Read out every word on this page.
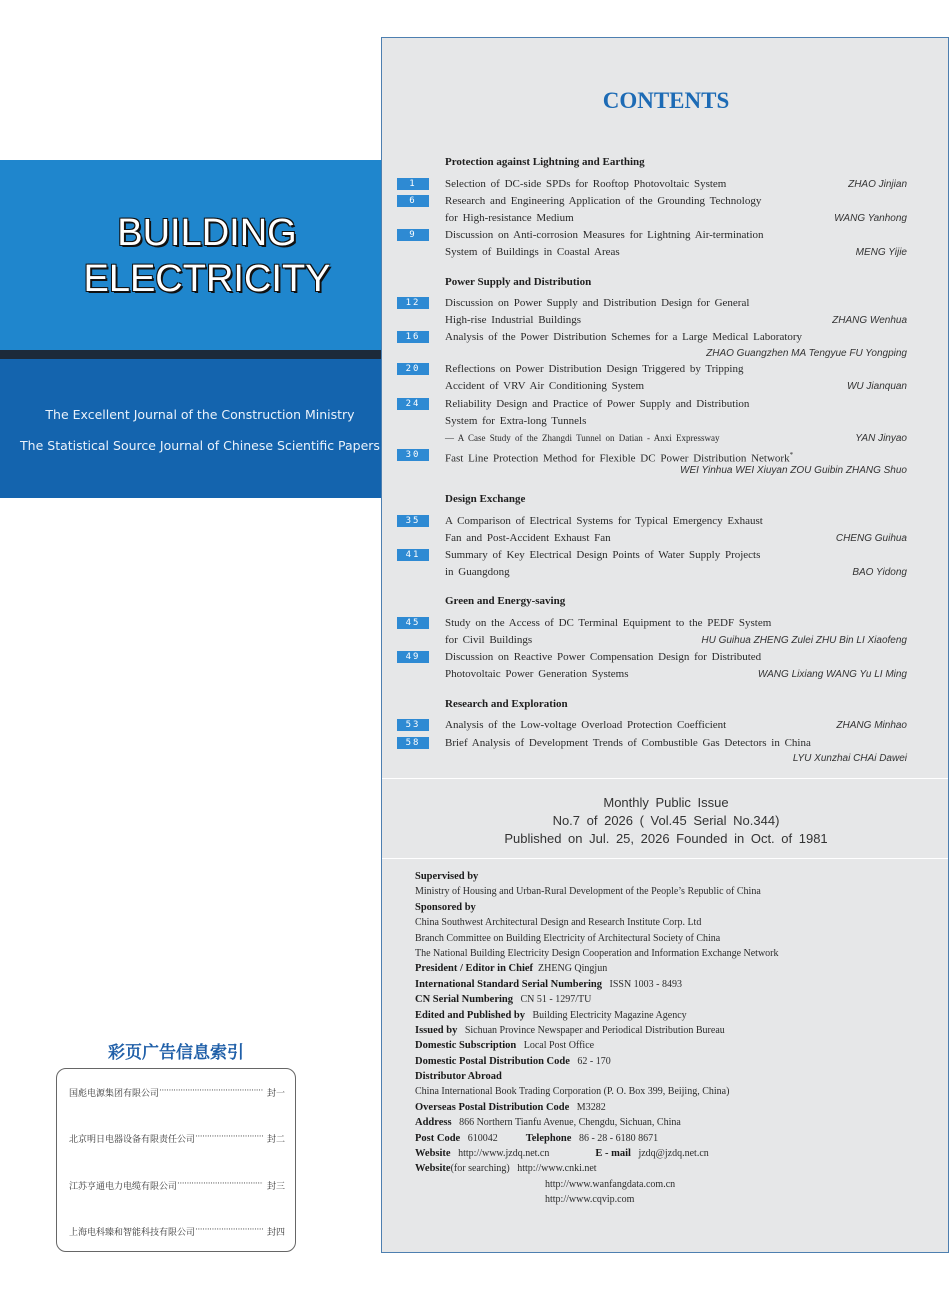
BUILDING
ELECTRICITY
The Excellent Journal of the Construction Ministry
The Statistical Source Journal of Chinese Scientific Papers
彩页广告信息索引
国彪电源集团有限公司 ·····	封一
北京明日电器设备有限责任公司 ·····	封二
江苏亨通电力电缆有限公司 ·····	封三
上海电科臻和智能科技有限公司 ·····	封四
CONTENTS
Protection against Lightning and Earthing
1	Selection of DC-side SPDs for Rooftop Photovoltaic System	ZHAO Jinjian
6	Research and Engineering Application of the Grounding Technology
for High-resistance Medium	WANG Yanhong
9	Discussion on Anti-corrosion Measures for Lightning Air-termination
System of Buildings in Coastal Areas	MENG Yijie
Power Supply and Distribution
12	Discussion on Power Supply and Distribution Design for General
High-rise Industrial Buildings	ZHANG Wenhua
16	Analysis of the Power Distribution Schemes for a Large Medical Laboratory
ZHAO Guangzhen MA Tengyue FU Yongping
20	Reflections on Power Distribution Design Triggered by Tripping
Accident of VRV Air Conditioning System	WU Jianquan
24	Reliability Design and Practice of Power Supply and Distribution
System for Extra-long Tunnels
— A Case Study of the Zhangdi Tunnel on Datian - Anxi Expressway	YAN Jinyao
30	Fast Line Protection Method for Flexible DC Power Distribution Network*
WEI Yinhua WEI Xiuyan ZOU Guibin ZHANG Shuo
Design Exchange
35	A Comparison of Electrical Systems for Typical Emergency Exhaust
Fan and Post-Accident Exhaust Fan	CHENG Guihua
41	Summary of Key Electrical Design Points of Water Supply Projects
in Guangdong	BAO Yidong
Green and Energy-saving
45	Study on the Access of DC Terminal Equipment to the PEDF System
for Civil Buildings	HU Guihua ZHENG Zulei ZHU Bin LI Xiaofeng
49	Discussion on Reactive Power Compensation Design for Distributed
Photovoltaic Power Generation Systems	WANG Lixiang WANG Yu LI Ming
Research and Exploration
53	Analysis of the Low-voltage Overload Protection Coefficient	ZHANG Minhao
58	Brief Analysis of Development Trends of Combustible Gas Detectors in China
LYU Xunzhai CHAi Dawei
Monthly Public Issue
No.7 of 2026 ( Vol.45 Serial No.344)
Published on Jul. 25, 2026 Founded in Oct. of 1981
Supervised by
Ministry of Housing and Urban-Rural Development of the People’s Republic of China
Sponsored by
China Southwest Architectural Design and Research Institute Corp. Ltd
Branch Committee on Building Electricity of Architectural Society of China
The National Building Electricity Design Cooperation and Information Exchange Network
President / Editor in Chief ZHENG Qingjun
International Standard Serial Numbering ISSN 1003 - 8493
CN Serial Numbering CN 51 - 1297/TU
Edited and Published by Building Electricity Magazine Agency
Issued by Sichuan Province Newspaper and Periodical Distribution Bureau
Domestic Subscription Local Post Office
Domestic Postal Distribution Code 62 - 170
Distributor Abroad
China International Book Trading Corporation (P. O. Box 399, Beijing, China)
Overseas Postal Distribution Code M3282
Address 866 Northern Tianfu Avenue, Chengdu, Sichuan, China
Post Code 610042	Telephone 86 - 28 - 6180 8671
Website http://www.jzdq.net.cn	E - mail jzdq@jzdq.net.cn
Website(for searching) http://www.cnki.net
http://www.wanfangdata.com.cn
http://www.cqvip.com
